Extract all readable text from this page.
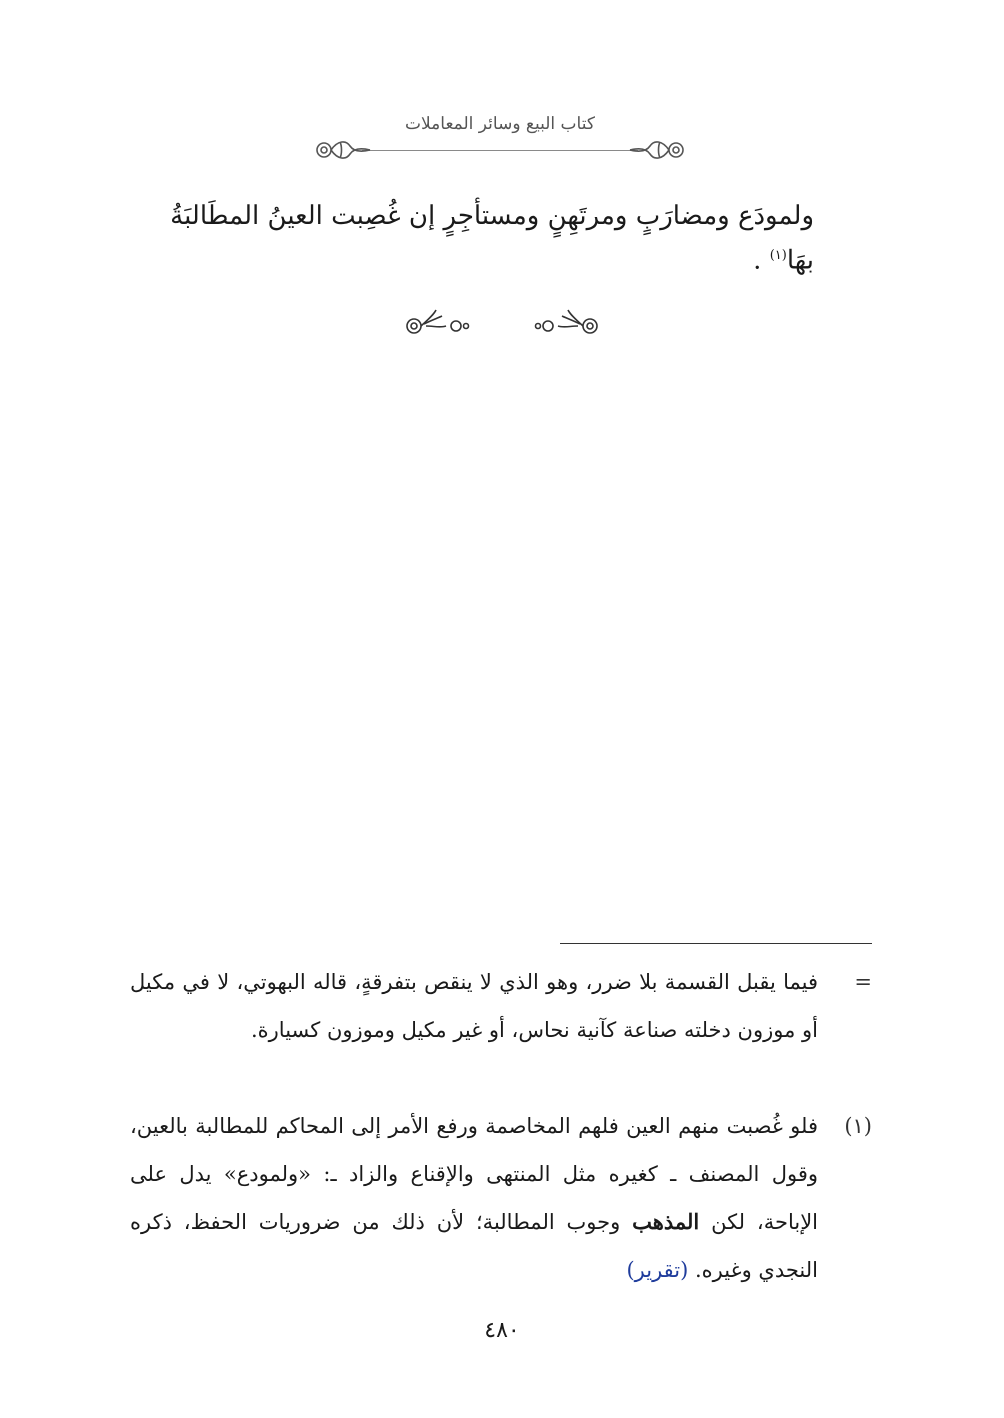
كتاب البيع وسائر المعاملات
ولمودَع ومضارَبٍ ومرتَهِنٍ ومستأجِرٍ إن غُصِبت العينُ المطَالبَةُ بهَا$^{(١)}$ .
=
فيما يقبل القسمة بلا ضرر، وهو الذي لا ينقص بتفرقةٍ، قاله البهوتي، لا في مكيل أو موزون دخلته صناعة كآنية نحاس، أو غير مكيل وموزون كسيارة.
(١)
فلو غُصبت منهم العين فلهم المخاصمة ورفع الأمر إلى المحاكم للمطالبة بالعين، وقول المصنف ـ كغيره مثل المنتهى والإقناع والزاد ـ: «ولمودع» يدل على الإباحة، لكن المذهب وجوب المطالبة؛ لأن ذلك من ضروريات الحفظ، ذكره النجدي وغيره. (تقرير)
٤٨٠
